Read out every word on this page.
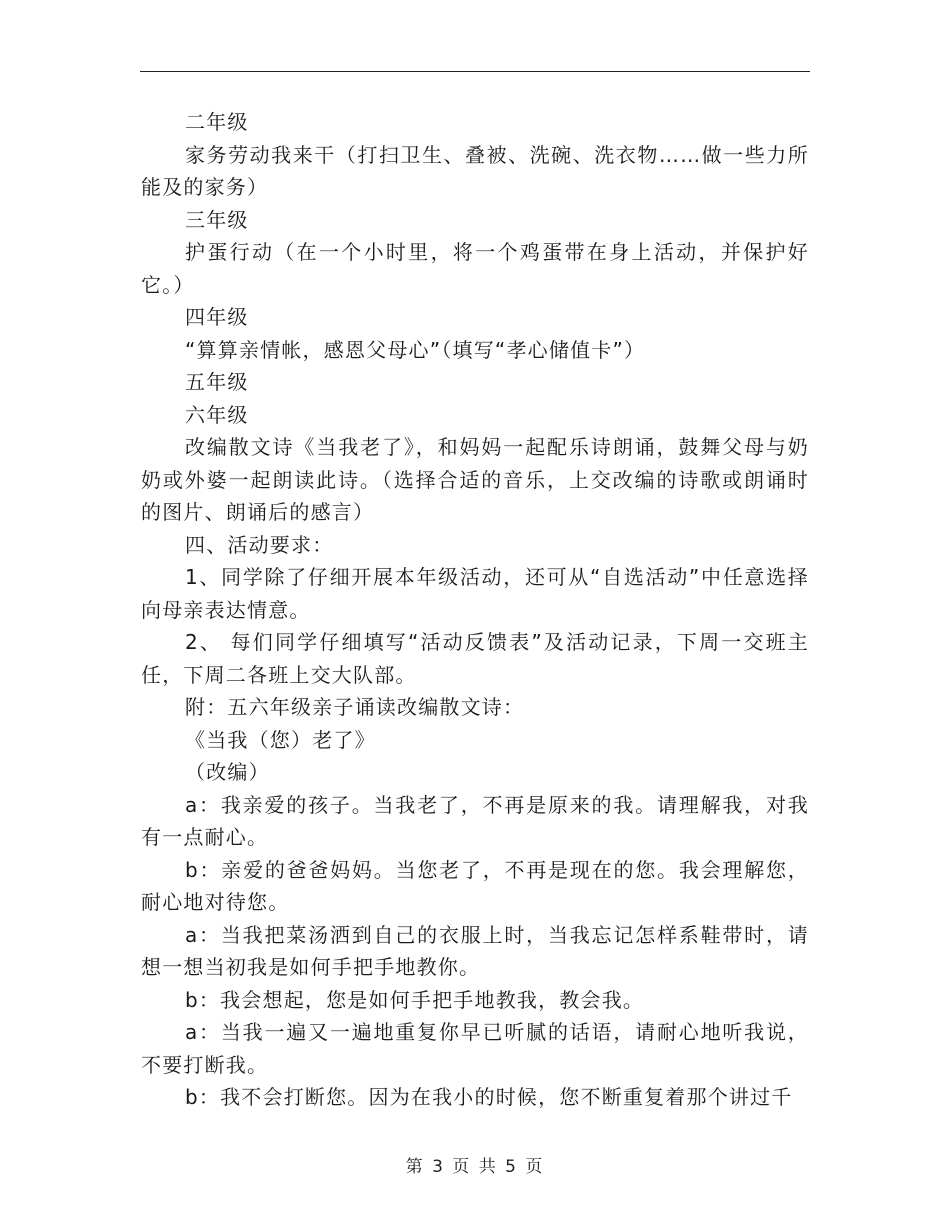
二年级

家务劳动我来干（打扫卫生、叠被、洗碗、洗衣物……做一些力所能及的家务）

三年级

护蛋行动（在一个小时里，将一个鸡蛋带在身上活动，并保护好它。）

四年级

“算算亲情帐，感恩父母心”（填写“孝心储值卡”）

五年级

六年级

改编散文诗《当我老了》，和妈妈一起配乐诗朗诵，鼓舞父母与奶奶或外婆一起朗读此诗。（选择合适的音乐，上交改编的诗歌或朗诵时的图片、朗诵后的感言）

四、活动要求：

1、同学除了仔细开展本年级活动，还可从“自选活动”中任意选择向母亲表达情意。

2、 每们同学仔细填写“活动反馈表”及活动记录，下周一交班主任，下周二各班上交大队部。

附：五六年级亲子诵读改编散文诗：

《当我（您）老了》

（改编）

a：我亲爱的孩子。当我老了，不再是原来的我。请理解我，对我有一点耐心。

b：亲爱的爸爸妈妈。当您老了，不再是现在的您。我会理解您，耐心地对待您。

a：当我把菜汤洒到自己的衣服上时，当我忘记怎样系鞋带时，请想一想当初我是如何手把手地教你。

b：我会想起，您是如何手把手地教我，教会我。

a：当我一遍又一遍地重复你早已听腻的话语，请耐心地听我说，不要打断我。

b：我不会打断您。因为在我小的时候，您不断重复着那个讲过千

第 3 页 共 5 页
